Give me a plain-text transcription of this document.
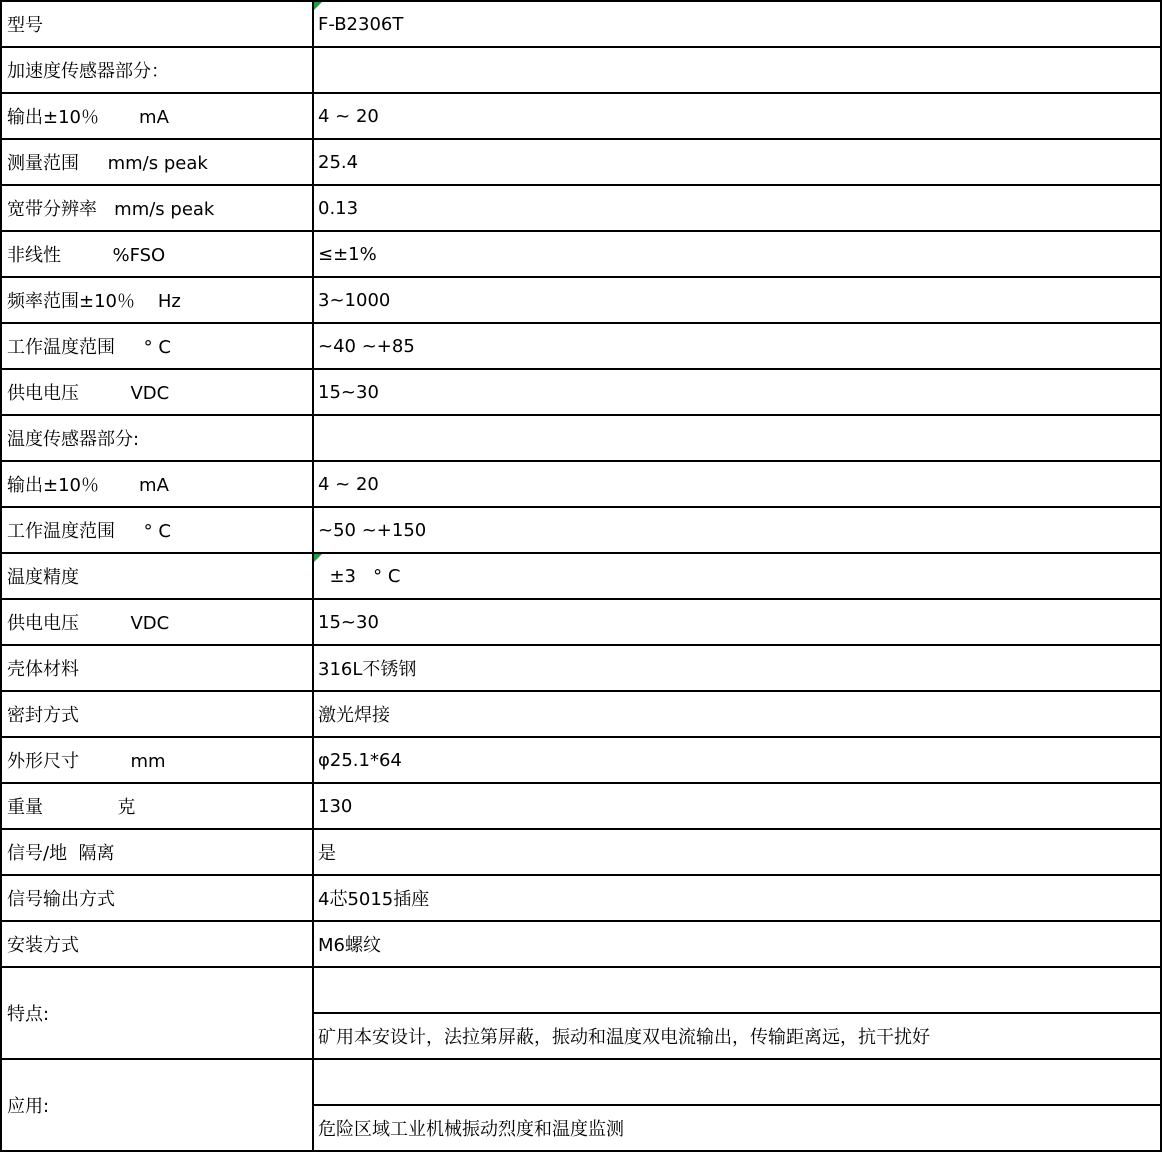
型号	F-B2306T
加速度传感器部分：	
输出±10％       mA	4 ~ 20
测量范围     mm/s peak	25.4
宽带分辨率   mm/s peak	0.13
非线性         %FSO	≤±1%
频率范围±10％    Hz	3~1000
工作温度范围     ° C	~40 ~+85
供电电压         VDC	15~30
温度传感器部分:	
输出±10％       mA	4 ~ 20
工作温度范围     ° C	~50 ~+150
温度精度	±3   ° C
供电电压         VDC	15~30
壳体材料	316L不锈钢
密封方式	激光焊接
外形尺寸         mm	φ25.1*64
重量             克	130
信号/地  隔离	是
信号输出方式	4芯5015插座
安装方式	M6螺纹
特点:	
	矿用本安设计，法拉第屏蔽，振动和温度双电流输出，传输距离远，抗干扰好
应用:	
	危险区域工业机械振动烈度和温度监测
